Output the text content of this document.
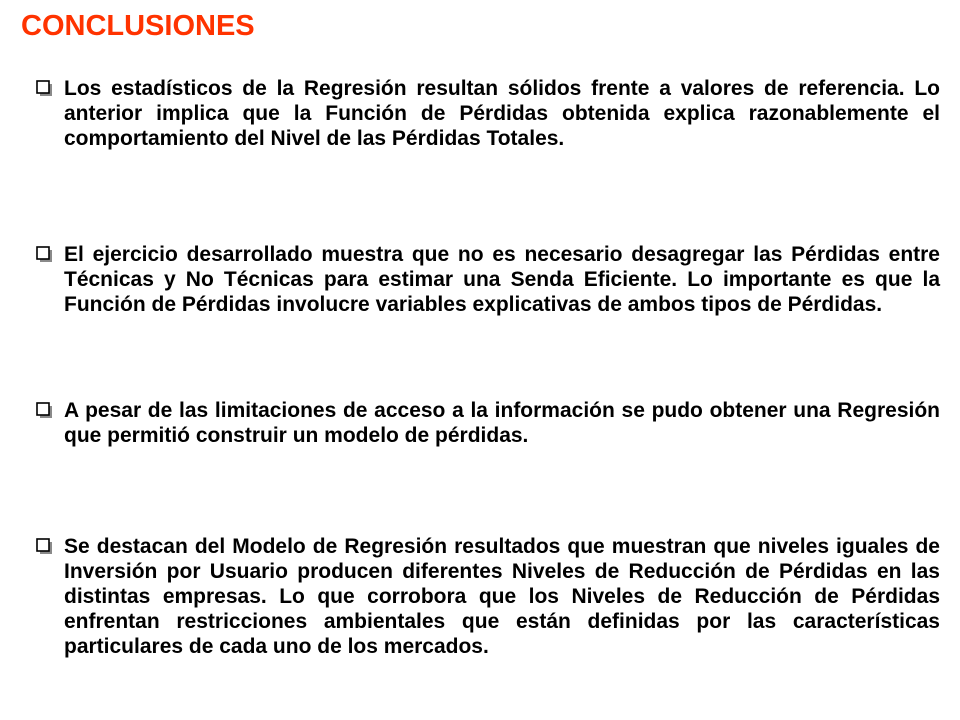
CONCLUSIONES

Los estadísticos de la Regresión resultan sólidos frente a valores de referencia. Lo anterior implica que la Función de Pérdidas obtenida explica razonablemente el comportamiento del Nivel de las Pérdidas Totales.

El ejercicio desarrollado muestra que no es necesario desagregar las Pérdidas entre Técnicas y No Técnicas para estimar una Senda Eficiente. Lo importante es que la Función de Pérdidas involucre variables explicativas de ambos tipos de Pérdidas.

A pesar de las limitaciones de acceso a la información se pudo obtener una Regresión que permitió construir un modelo de pérdidas.

Se destacan del Modelo de Regresión resultados que muestran que niveles iguales de Inversión por Usuario producen diferentes Niveles de Reducción de Pérdidas en las distintas empresas. Lo que corrobora que los Niveles de Reducción de Pérdidas enfrentan restricciones ambientales que están definidas por las características particulares de cada uno de los mercados.
